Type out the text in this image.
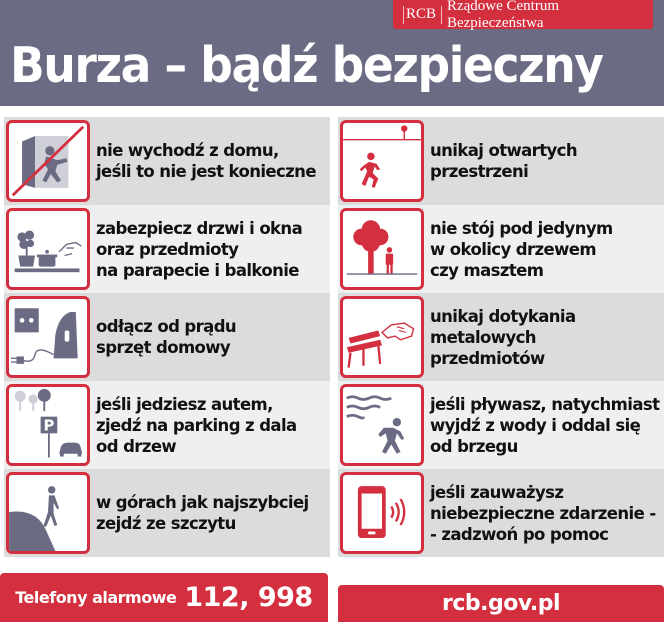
RCB
Rządowe Centrum Bezpieczeństwa
Burza – bądź bezpieczny
nie wychodź z domu,
jeśli to nie jest konieczne
zabezpiecz drzwi i okna
oraz przedmioty
na parapecie i balkonie
odłącz od prądu
sprzęt domowy
P
jeśli jedziesz autem,
zjedź na parking z dala
od drzew
w górach jak najszybciej
zejdź ze szczytu
unikaj otwartych
przestrzeni
nie stój pod jedynym
w okolicy drzewem
czy masztem
unikaj dotykania
metalowych
przedmiotów
jeśli pływasz, natychmiast
wyjdź z wody i oddal się
od brzegu
jeśli zauważysz
niebezpieczne zdarzenie -
- zadzwoń po pomoc
Telefony alarmowe 112, 998	rcb.gov.pl
